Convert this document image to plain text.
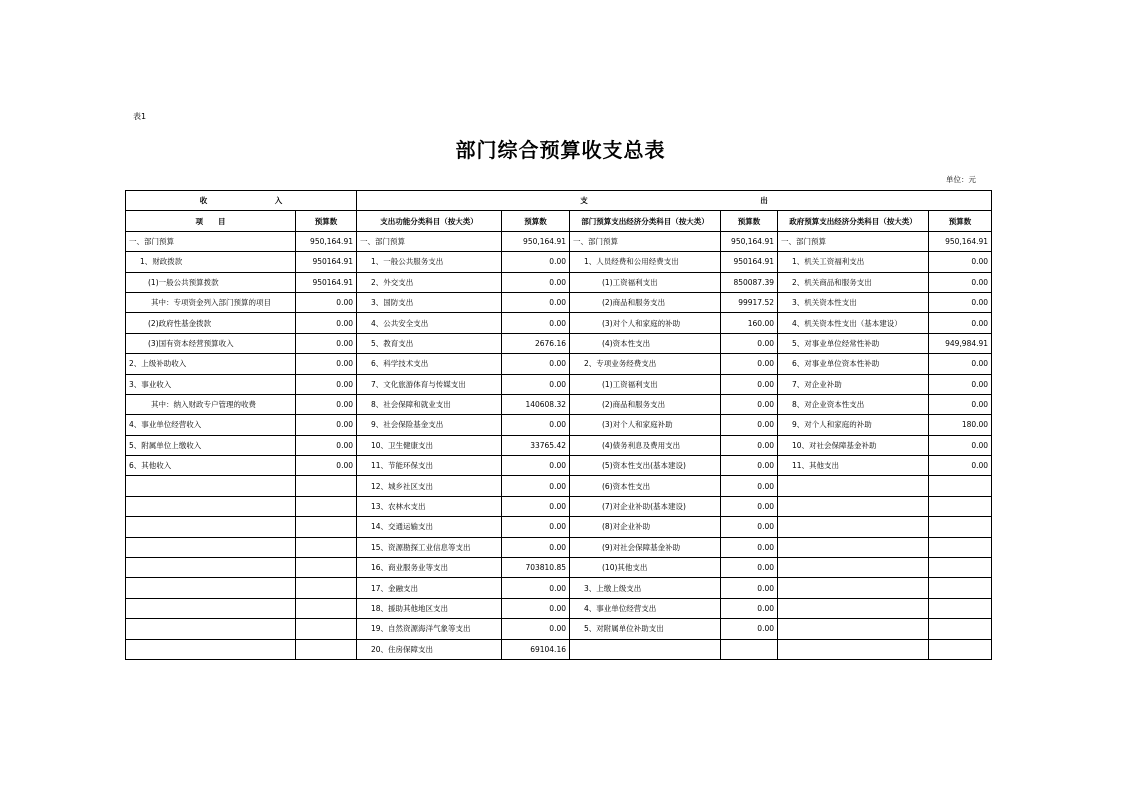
表1
部门综合预算收支总表
单位：元
收　　　　　　　　　入		支　　　　　　　　　　　　　　　　　　　　　　　出					
项　　目	预算数	支出功能分类科目（按大类）	预算数	部门预算支出经济分类科目（按大类）	预算数	政府预算支出经济分类科目（按大类）	预算数
一、部门预算	950,164.91	一、部门预算	950,164.91	一、部门预算	950,164.91	一、部门预算	950,164.91
1、财政拨款	950164.91	1、一般公共服务支出	0.00	1、人员经费和公用经费支出	950164.91	1、机关工资福利支出	0.00
(1)一般公共预算拨款	950164.91	2、外交支出	0.00	(1)工资福利支出	850087.39	2、机关商品和服务支出	0.00
其中：专项资金列入部门预算的项目	0.00	3、国防支出	0.00	(2)商品和服务支出	99917.52	3、机关资本性支出	0.00
(2)政府性基金拨款	0.00	4、公共安全支出	0.00	(3)对个人和家庭的补助	160.00	4、机关资本性支出（基本建设）	0.00
(3)国有资本经营预算收入	0.00	5、教育支出	2676.16	(4)资本性支出	0.00	5、对事业单位经常性补助	949,984.91
2、上级补助收入	0.00	6、科学技术支出	0.00	2、专项业务经费支出	0.00	6、对事业单位资本性补助	0.00
3、事业收入	0.00	7、文化旅游体育与传媒支出	0.00	(1)工资福利支出	0.00	7、对企业补助	0.00
其中：纳入财政专户管理的收费	0.00	8、社会保障和就业支出	140608.32	(2)商品和服务支出	0.00	8、对企业资本性支出	0.00
4、事业单位经营收入	0.00	9、社会保险基金支出	0.00	(3)对个人和家庭补助	0.00	9、对个人和家庭的补助	180.00
5、附属单位上缴收入	0.00	10、卫生健康支出	33765.42	(4)债务利息及费用支出	0.00	10、对社会保障基金补助	0.00
6、其他收入	0.00	11、节能环保支出	0.00	(5)资本性支出(基本建设)	0.00	11、其他支出	0.00
		12、城乡社区支出	0.00	(6)资本性支出	0.00		
		13、农林水支出	0.00	(7)对企业补助(基本建设)	0.00		
		14、交通运输支出	0.00	(8)对企业补助	0.00		
		15、资源勘探工业信息等支出	0.00	(9)对社会保障基金补助	0.00		
		16、商业服务业等支出	703810.85	(10)其他支出	0.00		
		17、金融支出	0.00	3、上缴上级支出	0.00		
		18、援助其他地区支出	0.00	4、事业单位经营支出	0.00		
		19、自然资源海洋气象等支出	0.00	5、对附属单位补助支出	0.00		
		20、住房保障支出	69104.16				
